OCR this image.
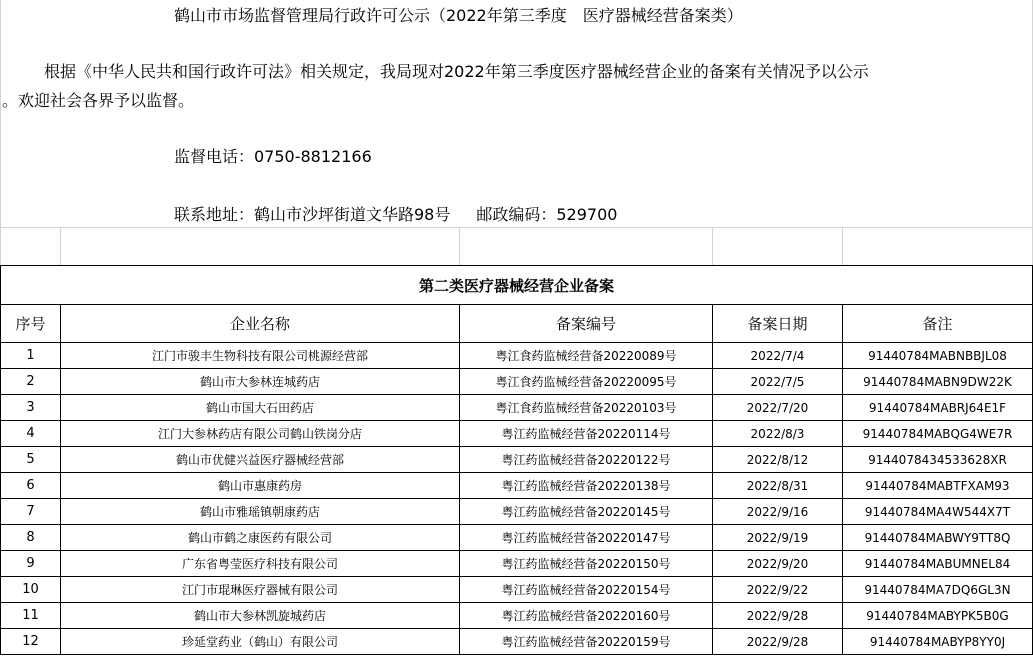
鹤山市市场监督管理局行政许可公示（2022年第三季度　医疗器械经营备案类）
根据《中华人民共和国行政许可法》相关规定，我局现对2022年第三季度医疗器械经营企业的备案有关情况予以公示
。欢迎社会各界予以监督。
监督电话：0750-8812166
联系地址：鹤山市沙坪街道文华路98号 邮政编码：529700
第二类医疗器械经营企业备案				
序号	企业名称	备案编号	备案日期	备注
1	江门市骏丰生物科技有限公司桃源经营部	粤江食药监械经营备20220089号	2022/7/4	91440784MABNBBJL08
2	鹤山市大参林连城药店	粤江食药监械经营备20220095号	2022/7/5	91440784MABN9DW22K
3	鹤山市国大石田药店	粤江食药监械经营备20220103号	2022/7/20	91440784MABRJ64E1F
4	江门大参林药店有限公司鹤山铁岗分店	粤江药监械经营备20220114号	2022/8/3	91440784MABQG4WE7R
5	鹤山市优健兴益医疗器械经营部	粤江药监械经营备20220122号	2022/8/12	914407843453362​8XR
6	鹤山市惠康药房	粤江药监械经营备20220138号	2022/8/31	91440784MABTFXAM93
7	鹤山市雅瑶镇朝康药店	粤江药监械经营备20220145号	2022/9/16	91440784MA4W544X7T
8	鹤山市鹤之康医药有限公司	粤江药监械经营备20220147号	2022/9/19	91440784MABWY9TT8Q
9	广东省粤莹医疗科技有限公司	粤江药监械经营备20220150号	2022/9/20	91440784MABUMNEL84
10	江门市琨琳医疗器械有限公司	粤江药监械经营备20220154号	2022/9/22	91440784MA7DQ6GL3N
11	鹤山市大参林凯旋城药店	粤江药监械经营备20220160号	2022/9/28	91440784MABYPK5B0G
12	珍延堂药业（鹤山）有限公司	粤江药监械经营备20220159号	2022/9/28	91440784MABYP8YY0J
